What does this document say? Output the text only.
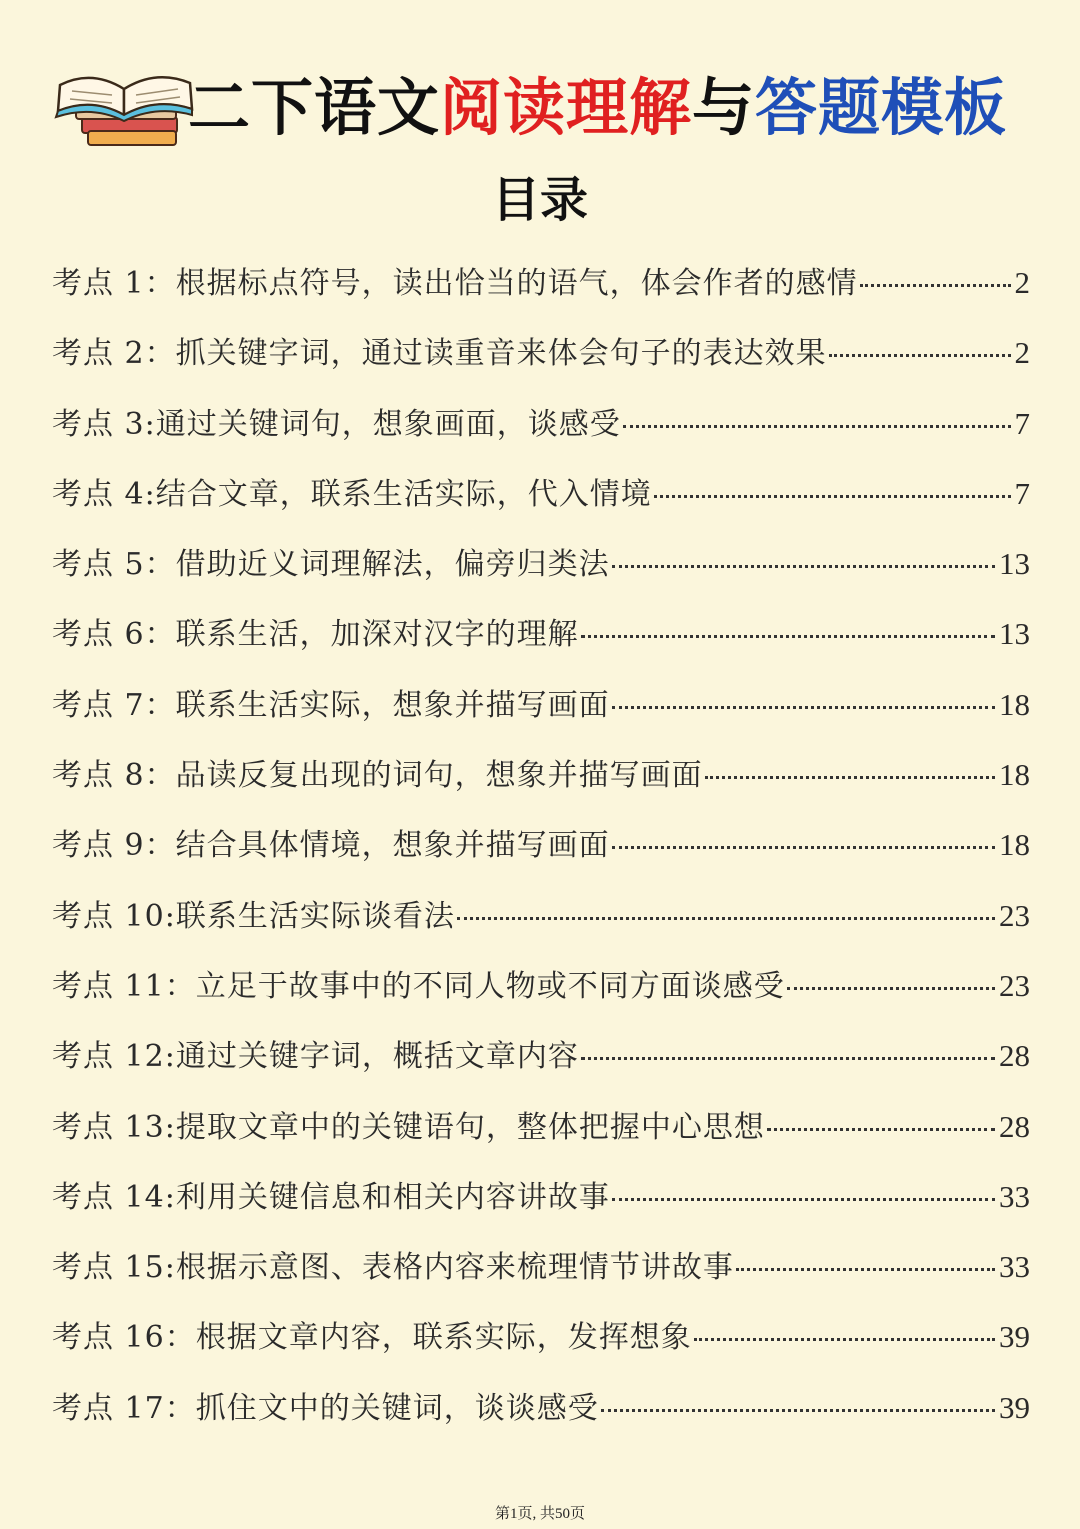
二下语文阅读理解与答题模板
目录
考点 1：根据标点符号，读出恰当的语气，体会作者的感情	2
考点 2：抓关键字词，通过读重音来体会句子的表达效果	2
考点 3:通过关键词句，想象画面，谈感受	7
考点 4:结合文章，联系生活实际，代入情境	7
考点 5：借助近义词理解法，偏旁归类法	13
考点 6：联系生活，加深对汉字的理解	13
考点 7：联系生活实际，想象并描写画面	18
考点 8：品读反复出现的词句，想象并描写画面	18
考点 9：结合具体情境，想象并描写画面	18
考点 10:联系生活实际谈看法	23
考点 11：立足于故事中的不同人物或不同方面谈感受	23
考点 12:通过关键字词，概括文章内容	28
考点 13:提取文章中的关键语句，整体把握中心思想	28
考点 14:利用关键信息和相关内容讲故事	33
考点 15:根据示意图、表格内容来梳理情节讲故事	33
考点 16：根据文章内容，联系实际，发挥想象	39
考点 17：抓住文中的关键词，谈谈感受	39
第1页, 共50页
